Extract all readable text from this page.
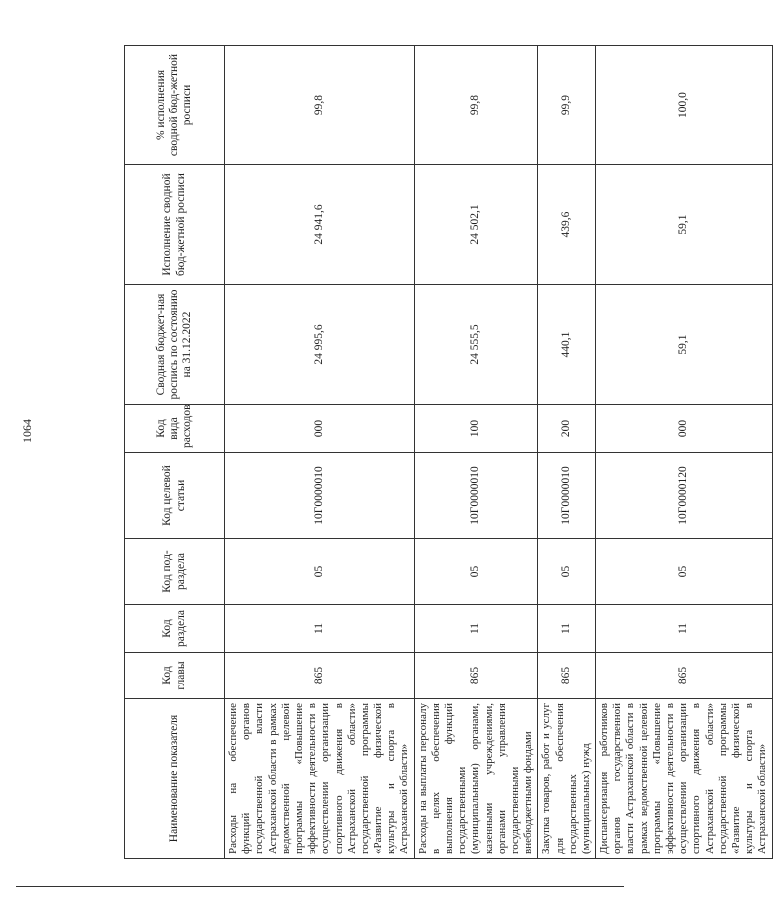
1064
Наименование показателя	Код главы	Код раздела	Код под-раздела	Код целевой статьи	Код вида расходов	Сводная бюджет-ная роспись по состоянию на 31.12.2022	Исполнение сводной бюд-жетной росписи	% исполнения сводной бюд-жетной росписи
Расходы на обеспечение функций органов государственной власти Астраханской области в рамках ведомственной целевой программы «Повышение эффективности деятельности в осуществлении организации спортивного движения в Астраханской области» государственной программы «Развитие физической культуры и спорта в Астраханской области»	865	11	05	10Г0000010	000	24 995,6	24 941,6	99,8
Расходы на выплаты персоналу в целях обеспечения выполнения функций государственными (муниципальными) органами, казенными учреждениями, органами управления государственными внебюджетными фондами	865	11	05	10Г0000010	100	24 555,5	24 502,1	99,8
Закупка товаров, работ и услуг для обеспечения государственных (муниципальных) нужд	865	11	05	10Г0000010	200	440,1	439,6	99,9
Диспансеризация работников органов государственной власти Астраханской области в рамках ведомственной целевой программы «Повышение эффективности деятельности в осуществлении организации спортивного движения в Астраханской области» государственной программы «Развитие физической культуры и спорта в Астраханской области»	865	11	05	10Г0000120	000	59,1	59,1	100,0
